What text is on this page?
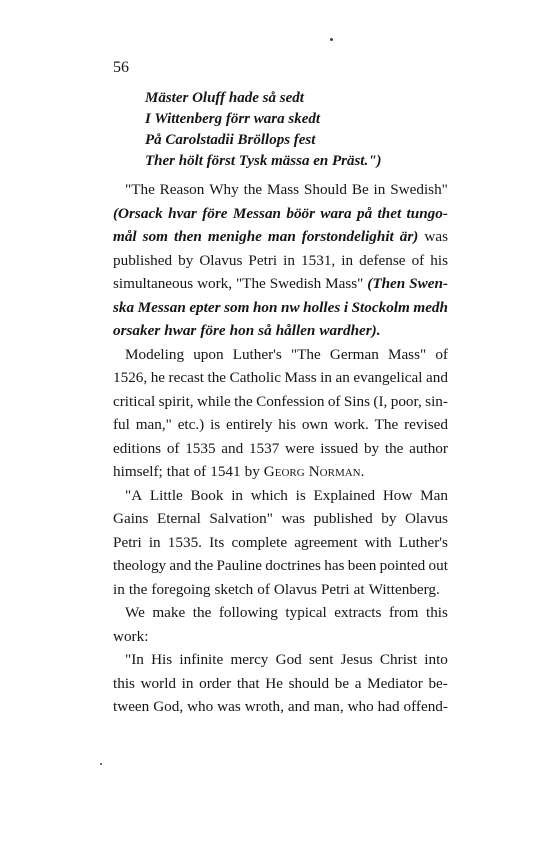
56
Mäster Oluff hade så sedt
I Wittenberg förr wara skedt
På Carolstadii Bröllops fest
Ther hölt först Tysk mässa en Präst.")
"The Reason Why the Mass Should Be in Swedish"
(Orsack hvar före Messan böör wara på thet tungo-
mål som then menighe man forstondelighit är) was
published by Olavus Petri in 1531, in defense of his
simultaneous work, "The Swedish Mass" (Then Swen-
ska Messan epter som hon nw holles i Stockolm medh
orsaker hwar före hon så hållen wardher).
Modeling upon Luther's "The German Mass" of
1526, he recast the Catholic Mass in an evangelical and
critical spirit, while the Confession of Sins (I, poor, sin-
ful man," etc.) is entirely his own work. The revised
editions of 1535 and 1537 were issued by the author
himself; that of 1541 by Georg Norman.
"A Little Book in which is Explained How Man
Gains Eternal Salvation" was published by Olavus
Petri in 1535. Its complete agreement with Luther's
theology and the Pauline doctrines has been pointed out
in the foregoing sketch of Olavus Petri at Wittenberg.
We make the following typical extracts from this
work:
"In His infinite mercy God sent Jesus Christ into
this world in order that He should be a Mediator be-
tween God, who was wroth, and man, who had offend-
